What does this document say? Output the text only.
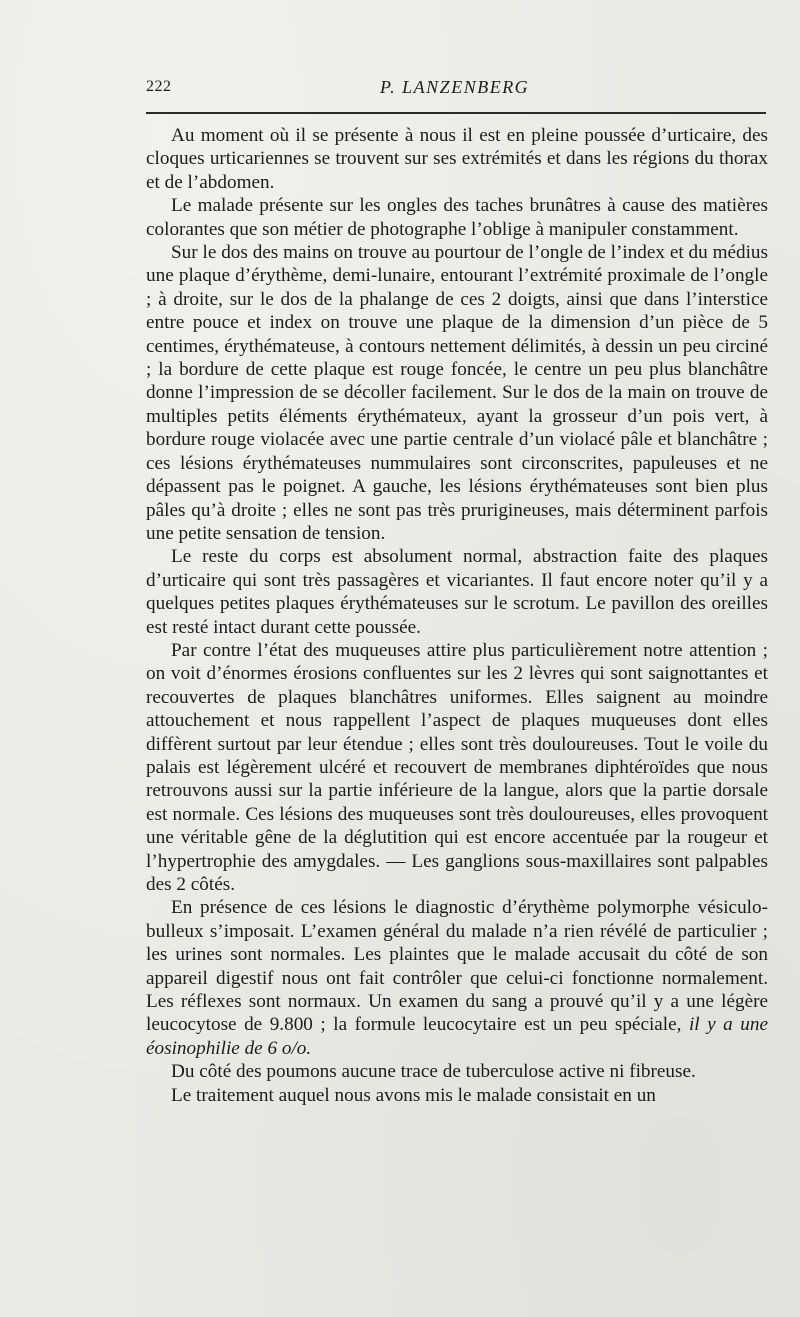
222	P. LANZENBERG

Au moment où il se présente à nous il est en pleine poussée d’urticaire, des cloques urticariennes se trouvent sur ses extrémités et dans les régions du thorax et de l’abdomen.

Le malade présente sur les ongles des taches brunâtres à cause des matières colorantes que son métier de photographe l’oblige à manipuler constamment.

Sur le dos des mains on trouve au pourtour de l’ongle de l’index et du médius une plaque d’érythème, demi-lunaire, entourant l’extrémité proximale de l’ongle ; à droite, sur le dos de la phalange de ces 2 doigts, ainsi que dans l’interstice entre pouce et index on trouve une plaque de la dimension d’un pièce de 5 centimes, érythémateuse, à contours nettement délimités, à dessin un peu circiné ; la bordure de cette plaque est rouge foncée, le centre un peu plus blanchâtre donne l’impression de se décoller facilement. Sur le dos de la main on trouve de multiples petits éléments érythémateux, ayant la grosseur d’un pois vert, à bordure rouge violacée avec une partie centrale d’un violacé pâle et blanchâtre ; ces lésions érythémateuses nummulaires sont circonscrites, papuleuses et ne dépassent pas le poignet. A gauche, les lésions érythémateuses sont bien plus pâles qu’à droite ; elles ne sont pas très prurigineuses, mais déterminent parfois une petite sensation de tension.

Le reste du corps est absolument normal, abstraction faite des plaques d’urticaire qui sont très passagères et vicariantes. Il faut encore noter qu’il y a quelques petites plaques érythémateuses sur le scrotum. Le pavillon des oreilles est resté intact durant cette poussée.

Par contre l’état des muqueuses attire plus particulièrement notre attention ; on voit d’énormes érosions confluentes sur les 2 lèvres qui sont saignottantes et recouvertes de plaques blanchâtres uniformes. Elles saignent au moindre attouchement et nous rappellent l’aspect de plaques muqueuses dont elles diffèrent surtout par leur étendue ; elles sont très douloureuses. Tout le voile du palais est légèrement ulcéré et recouvert de membranes diphtéroïdes que nous retrouvons aussi sur la partie inférieure de la langue, alors que la partie dorsale est normale. Ces lésions des muqueuses sont très douloureuses, elles provoquent une véritable gêne de la déglutition qui est encore accentuée par la rougeur et l’hypertrophie des amygdales. — Les ganglions sous-maxillaires sont palpables des 2 côtés.

En présence de ces lésions le diagnostic d’érythème polymorphe vésiculo-bulleux s’imposait. L’examen général du malade n’a rien révélé de particulier ; les urines sont normales. Les plaintes que le malade accusait du côté de son appareil digestif nous ont fait contrôler que celui-ci fonctionne normalement. Les réflexes sont normaux. Un examen du sang a prouvé qu’il y a une légère leucocytose de 9.800 ; la formule leucocytaire est un peu spéciale, il y a une éosinophilie de 6 o/o.

Du côté des poumons aucune trace de tuberculose active ni fibreuse.

Le traitement auquel nous avons mis le malade consistait en un
